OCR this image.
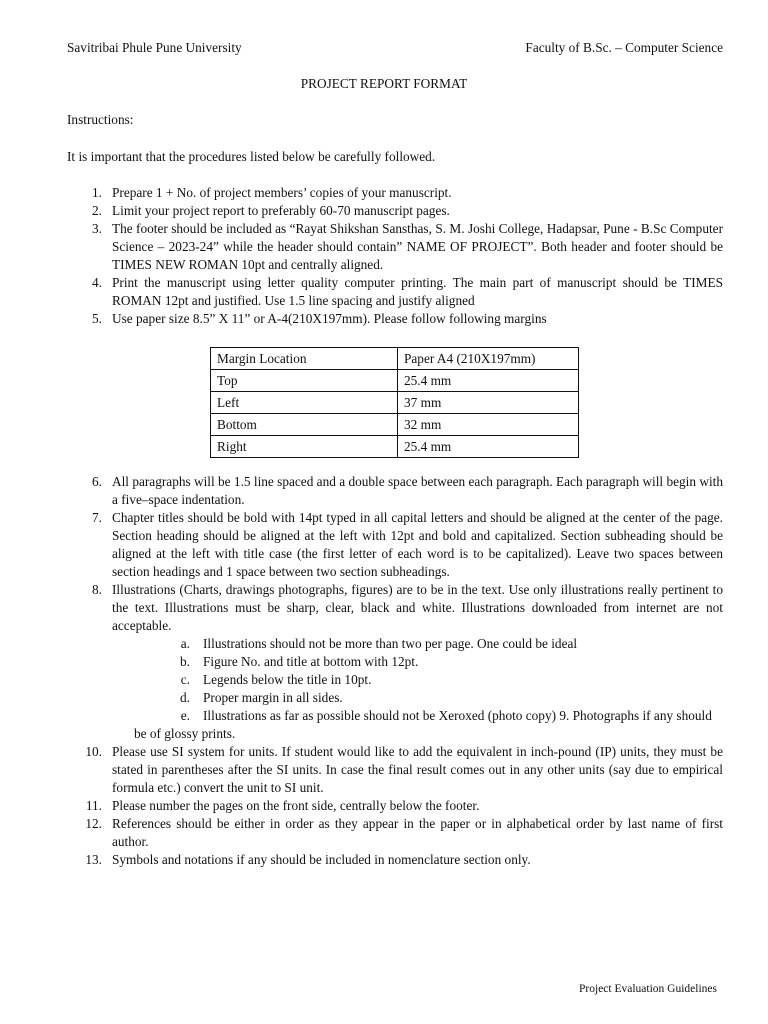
Savitribai Phule Pune University	Faculty of B.Sc. – Computer Science
PROJECT REPORT FORMAT
Instructions:
It is important that the procedures listed below be carefully followed.
1. Prepare 1 + No. of project members’ copies of your manuscript.
2. Limit your project report to preferably 60-70 manuscript pages.
3. The footer should be included as “Rayat Shikshan Sansthas, S. M. Joshi College, Hadapsar, Pune - B.Sc Computer Science – 2023-24” while the header should contain” NAME OF PROJECT”. Both header and footer should be TIMES NEW ROMAN 10pt and centrally aligned.
4. Print the manuscript using letter quality computer printing. The main part of manuscript should be TIMES ROMAN 12pt and justified. Use 1.5 line spacing and justify aligned
5. Use paper size 8.5” X 11” or A-4(210X197mm). Please follow following margins
Margin Location	Paper A4 (210X197mm)
Top	25.4 mm
Left	37 mm
Bottom	32 mm
Right	25.4 mm
6. All paragraphs will be 1.5 line spaced and a double space between each paragraph. Each paragraph will begin with a five–space indentation.
7. Chapter titles should be bold with 14pt typed in all capital letters and should be aligned at the center of the page. Section heading should be aligned at the left with 12pt and bold and capitalized. Section subheading should be aligned at the left with title case (the first letter of each word is to be capitalized). Leave two spaces between section headings and 1 space between two section subheadings.
8. Illustrations (Charts, drawings photographs, figures) are to be in the text. Use only illustrations really pertinent to the text. Illustrations must be sharp, clear, black and white. Illustrations downloaded from internet are not acceptable.
a. Illustrations should not be more than two per page. One could be ideal
b. Figure No. and title at bottom with 12pt.
c. Legends below the title in 10pt.
d. Proper margin in all sides.
e. Illustrations as far as possible should not be Xeroxed (photo copy) 9. Photographs if any should
be of glossy prints.
10. Please use SI system for units. If student would like to add the equivalent in inch-pound (IP) units, they must be stated in parentheses after the SI units. In case the final result comes out in any other units (say due to empirical formula etc.) convert the unit to SI unit.
11. Please number the pages on the front side, centrally below the footer.
12. References should be either in order as they appear in the paper or in alphabetical order by last name of first author.
13. Symbols and notations if any should be included in nomenclature section only.
Project Evaluation Guidelines
